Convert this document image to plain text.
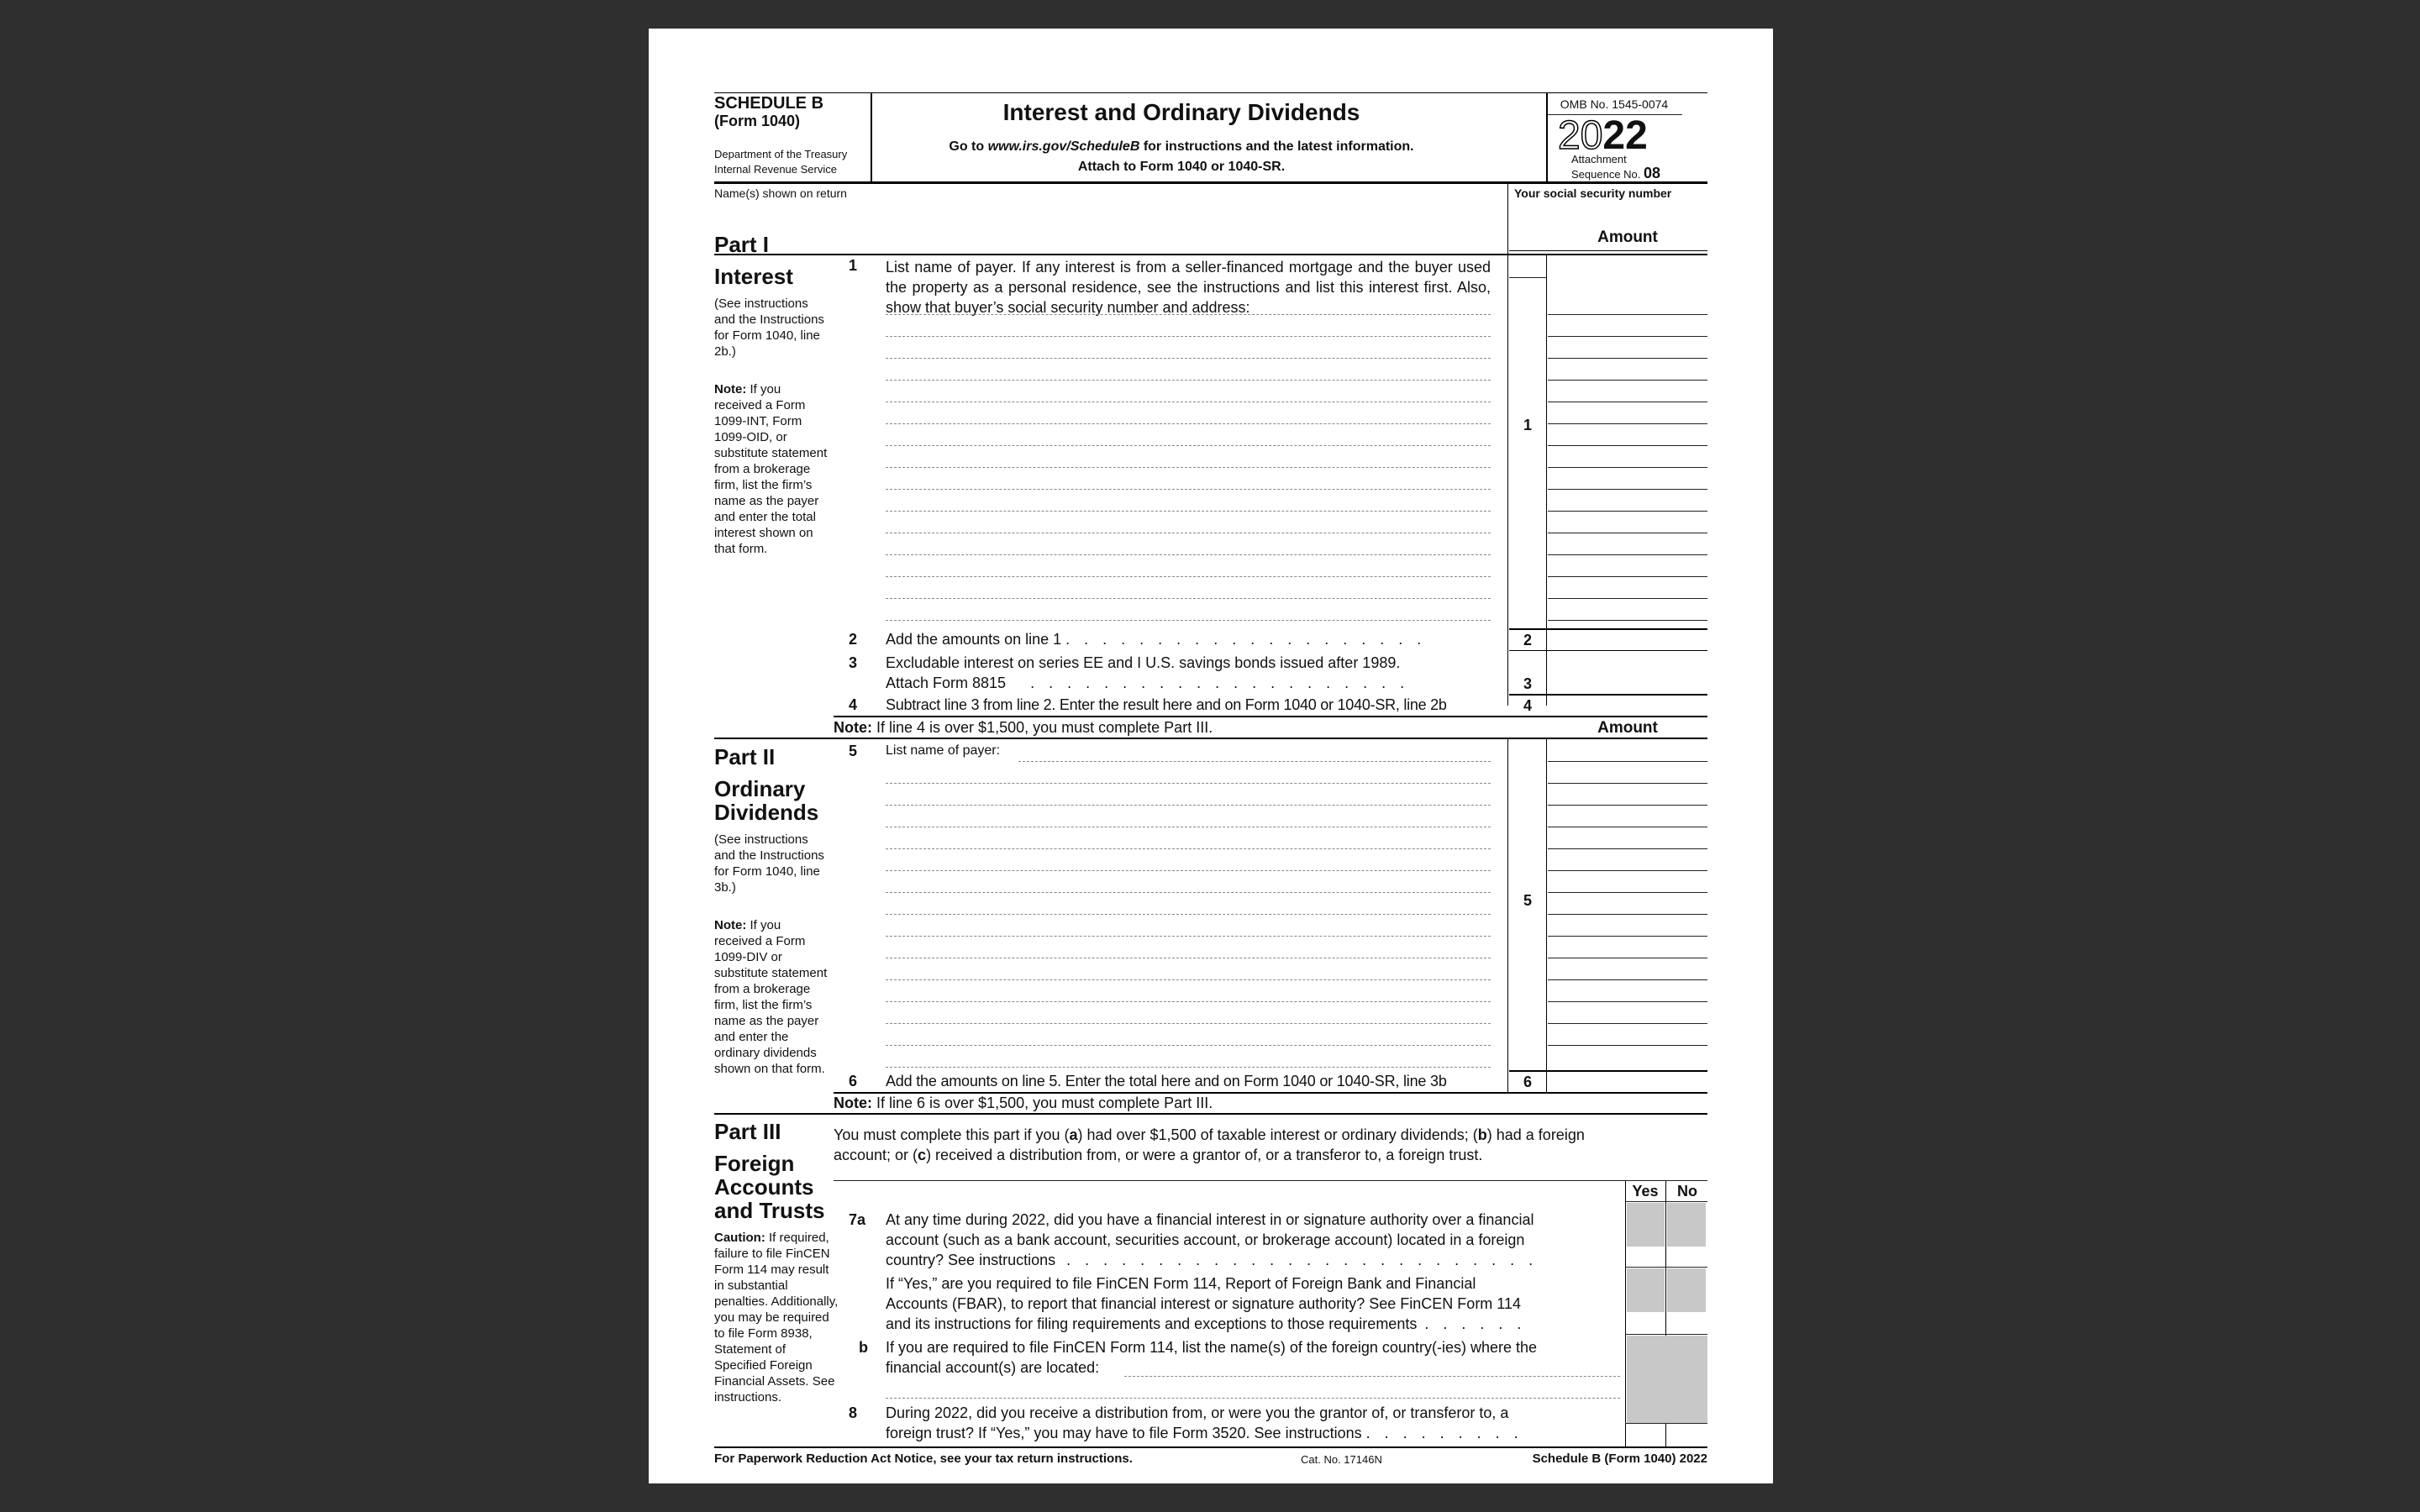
SCHEDULE B
(Form 1040)
Department of the Treasury
Internal Revenue Service
Interest and Ordinary Dividends
Go to www.irs.gov/ScheduleB for instructions and the latest information.
Attach to Form 1040 or 1040-SR.
OMB No. 1545-0074
2022
Attachment
Sequence No. 08
Name(s) shown on return	Your social security number
Part I
Interest
(See instructions and the Instructions for Form 1040, line 2b.)
Note: If you received a Form 1099-INT, Form 1099-OID, or substitute statement from a brokerage firm, list the firm’s name as the payer and enter the total interest shown on that form.
1 List name of payer. If any interest is from a seller-financed mortgage and the buyer used the property as a personal residence, see the instructions and list this interest first. Also, show that buyer’s social security number and address:
Amount
1
2 Add the amounts on line 1 . . . . . . . . . . . . . . . . . . . .	2
3 Excludable interest on series EE and I U.S. savings bonds issued after 1989.
Attach Form 8815 . . . . . . . . . . . . . . . . . . . . .	3
4 Subtract line 3 from line 2. Enter the result here and on Form 1040 or 1040-SR, line 2b	4
Note: If line 4 is over $1,500, you must complete Part III.	Amount
Part II
Ordinary
Dividends
(See instructions and the Instructions for Form 1040, line 3b.)
Note: If you received a Form 1099-DIV or substitute statement from a brokerage firm, list the firm’s name as the payer and enter the ordinary dividends shown on that form.
5 List name of payer:
5
6 Add the amounts on line 5. Enter the total here and on Form 1040 or 1040-SR, line 3b	6
Note: If line 6 is over $1,500, you must complete Part III.
Part III
Foreign
Accounts
and Trusts
Caution: If required, failure to file FinCEN Form 114 may result in substantial penalties. Additionally, you may be required to file Form 8938, Statement of Specified Foreign Financial Assets. See instructions.
You must complete this part if you (a) had over $1,500 of taxable interest or ordinary dividends; (b) had a foreign
account; or (c) received a distribution from, or were a grantor of, or a transferor to, a foreign trust.
Yes	No
7a At any time during 2022, did you have a financial interest in or signature authority over a financial
account (such as a bank account, securities account, or brokerage account) located in a foreign
country? See instructions . . . . . . . . . . . . . . . . . . . . . . . . . .
If “Yes,” are you required to file FinCEN Form 114, Report of Foreign Bank and Financial
Accounts (FBAR), to report that financial interest or signature authority? See FinCEN Form 114
and its instructions for filing requirements and exceptions to those requirements . . . . . .
b If you are required to file FinCEN Form 114, list the name(s) of the foreign country(-ies) where the
financial account(s) are located:
8 During 2022, did you receive a distribution from, or were you the grantor of, or transferor to, a
foreign trust? If “Yes,” you may have to file Form 3520. See instructions . . . . . . . . .
For Paperwork Reduction Act Notice, see your tax return instructions.	Cat. No. 17146N	Schedule B (Form 1040) 2022
